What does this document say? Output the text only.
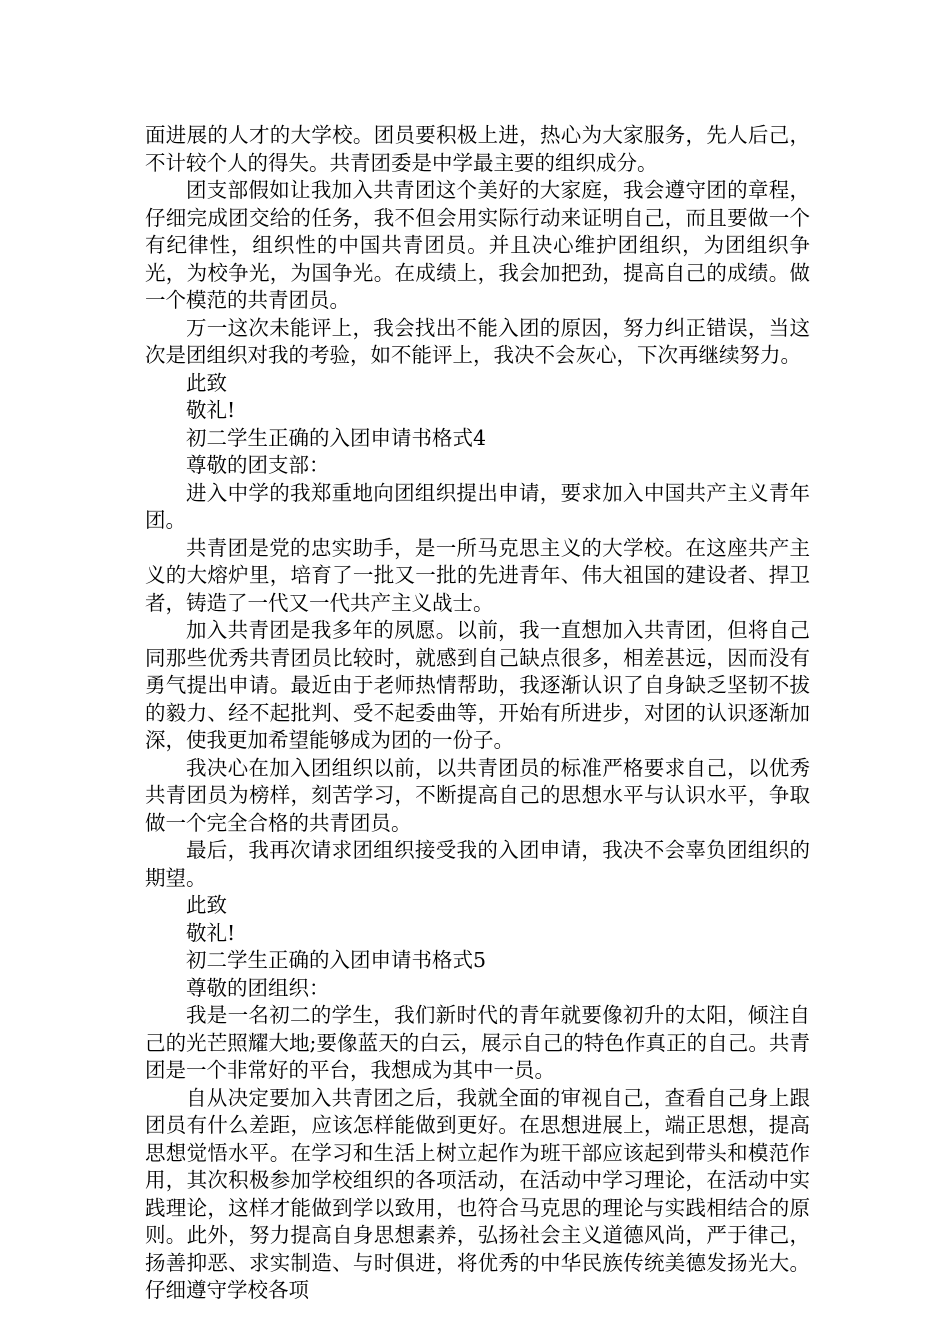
面进展的人才的大学校。团员要积极上进，热心为大家服务，先人后己，不计较个人的得失。共青团委是中学最主要的组织成分。

团支部假如让我加入共青团这个美好的大家庭，我会遵守团的章程，仔细完成团交给的任务，我不但会用实际行动来证明自己，而且要做一个有纪律性，组织性的中国共青团员。并且决心维护团组织，为团组织争光，为校争光，为国争光。在成绩上，我会加把劲，提高自己的成绩。做一个模范的共青团员。

万一这次未能评上，我会找出不能入团的原因，努力纠正错误，当这次是团组织对我的考验，如不能评上，我决不会灰心，下次再继续努力。

此致

敬礼!

初二学生正确的入团申请书格式4

尊敬的团支部：

进入中学的我郑重地向团组织提出申请，要求加入中国共产主义青年团。

共青团是党的忠实助手，是一所马克思主义的大学校。在这座共产主义的大熔炉里，培育了一批又一批的先进青年、伟大祖国的建设者、捍卫者，铸造了一代又一代共产主义战士。

加入共青团是我多年的夙愿。以前，我一直想加入共青团，但将自己同那些优秀共青团员比较时，就感到自己缺点很多，相差甚远，因而没有勇气提出申请。最近由于老师热情帮助，我逐渐认识了自身缺乏坚韧不拔的毅力、经不起批判、受不起委曲等，开始有所进步，对团的认识逐渐加深，使我更加希望能够成为团的一份子。

我决心在加入团组织以前，以共青团员的标准严格要求自己，以优秀共青团员为榜样，刻苦学习，不断提高自己的思想水平与认识水平，争取做一个完全合格的共青团员。

最后，我再次请求团组织接受我的入团申请，我决不会辜负团组织的期望。

此致

敬礼!

初二学生正确的入团申请书格式5

尊敬的团组织：

我是一名初二的学生，我们新时代的青年就要像初升的太阳，倾注自己的光芒照耀大地;要像蓝天的白云，展示自己的特色作真正的自己。共青团是一个非常好的平台，我想成为其中一员。

自从决定要加入共青团之后，我就全面的审视自己，查看自己身上跟团员有什么差距，应该怎样能做到更好。在思想进展上，端正思想，提高思想觉悟水平。在学习和生活上树立起作为班干部应该起到带头和模范作用，其次积极参加学校组织的各项活动，在活动中学习理论，在活动中实践理论，这样才能做到学以致用，也符合马克思的理论与实践相结合的原则。此外，努力提高自身思想素养，弘扬社会主义道德风尚，严于律己，扬善抑恶、求实制造、与时俱进，将优秀的中华民族传统美德发扬光大。仔细遵守学校各项
